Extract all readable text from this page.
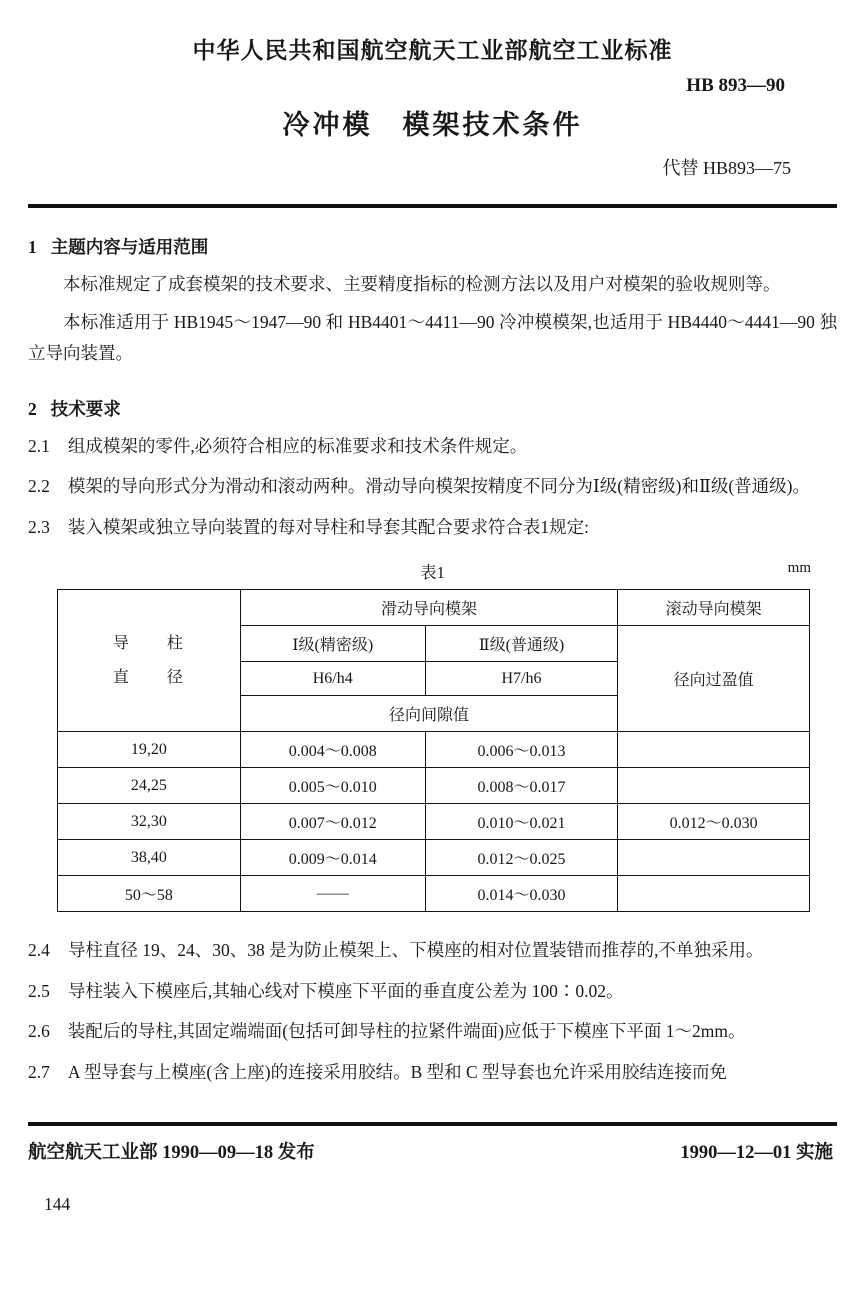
中华人民共和国航空航天工业部航空工业标准
HB 893—90
冷冲模　模架技术条件
代替 HB893—75
1 主题内容与适用范围

本标准规定了成套模架的技术要求、主要精度指标的检测方法以及用户对模架的验收规则等。

本标准适用于 HB1945～1947—90 和 HB4401～4411—90 冷冲模模架,也适用于 HB4440～4441—90 独立导向装置。

2 技术要求

2.1 组成模架的零件,必须符合相应的标准要求和技术条件规定。

2.2 模架的导向形式分为滑动和滚动两种。滑动导向模架按精度不同分为Ⅰ级(精密级)和Ⅱ级(普通级)。

2.3 装入模架或独立导向装置的每对导柱和导套其配合要求符合表1规定:

表1	mm
导　　柱
直　　径	滑动导向模架		滚动导向模架
	Ⅰ级(精密级)	Ⅱ级(普通级)	径向过盈值
	H6/h4	H7/h6	
	径向间隙值		
19,20	0.004～0.008	0.006～0.013	
24,25	0.005～0.010	0.008～0.017	
32,30	0.007～0.012	0.010～0.021	0.012～0.030
38,40	0.009～0.014	0.012～0.025	
50～58	——	0.014～0.030	

2.4 导柱直径 19、24、30、38 是为防止模架上、下模座的相对位置装错而推荐的,不单独采用。

2.5 导柱装入下模座后,其轴心线对下模座下平面的垂直度公差为 100∶0.02。

2.6 装配后的导柱,其固定端端面(包括可卸导柱的拉紧件端面)应低于下模座下平面 1～2mm。

2.7 A 型导套与上模座(含上座)的连接采用胶结。B 型和 C 型导套也允许采用胶结连接而免

航空航天工业部 1990—09—18 发布	1990—12—01 实施
144
